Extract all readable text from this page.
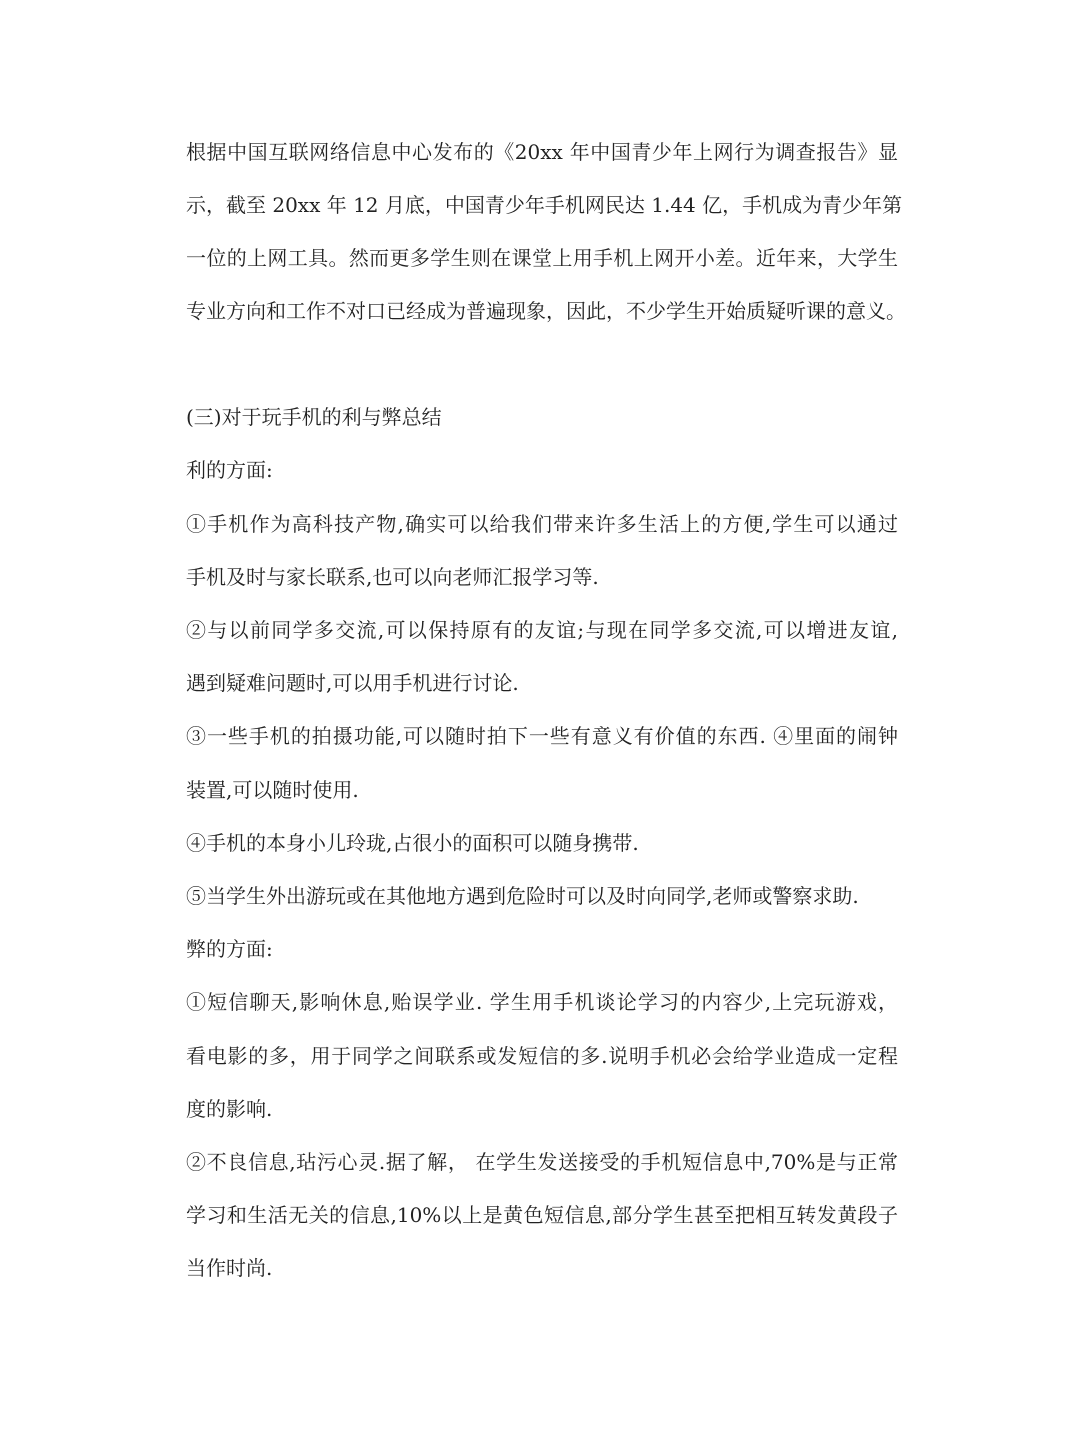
根据中国互联网络信息中心发布的《20xx 年中国青少年上网行为调查报告》显
示，截至 20xx 年 12 月底，中国青少年手机网民达 1.44 亿，手机成为青少年第
一位的上网工具。然而更多学生则在课堂上用手机上网开小差。近年来，大学生
专业方向和工作不对口已经成为普遍现象，因此，不少学生开始质疑听课的意义。
(三)对于玩手机的利与弊总结
利的方面:
①手机作为高科技产物,确实可以给我们带来许多生活上的方便,学生可以通过
手机及时与家长联系,也可以向老师汇报学习等.
②与以前同学多交流,可以保持原有的友谊;与现在同学多交流,可以增进友谊,
遇到疑难问题时,可以用手机进行讨论.
③一些手机的拍摄功能,可以随时拍下一些有意义有价值的东西. ④里面的闹钟
装置,可以随时使用.
④手机的本身小儿玲珑,占很小的面积可以随身携带.
⑤当学生外出游玩或在其他地方遇到危险时可以及时向同学,老师或警察求助.
弊的方面:
①短信聊天,影响休息,贻误学业. 学生用手机谈论学习的内容少,上完玩游戏，
看电影的多，用于同学之间联系或发短信的多.说明手机必会给学业造成一定程
度的影响.
②不良信息,玷污心灵.据了解， 在学生发送接受的手机短信息中,70%是与正常
学习和生活无关的信息,10%以上是黄色短信息,部分学生甚至把相互转发黄段子
当作时尚.
